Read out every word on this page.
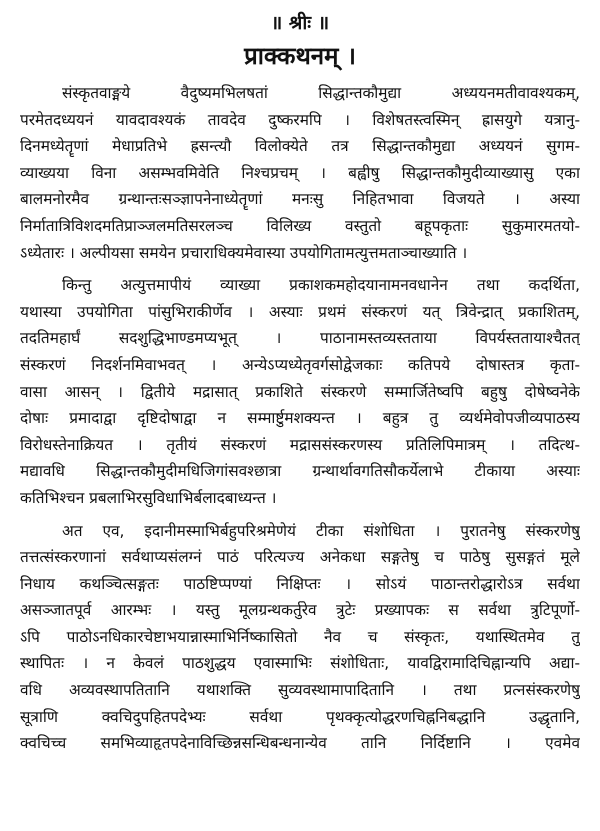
॥ श्रीः ॥

प्राक्कथनम् ।
संस्कृतवाङ्मये वैदुष्यमभिलषतां सिद्धान्तकौमुद्या अध्ययनमतीवावश्यकम्,
परमेतदध्ययनं यावदावश्यकं तावदेव दुष्करमपि । विशेषतस्त्वस्मिन् ह्रासयुगे यत्रानु-
दिनमध्येतॄणां मेधाप्रतिभे ह्रसन्त्यौ विलोक्येते तत्र सिद्धान्तकौमुद्या अध्ययनं सुगम-
व्याख्यया विना असम्भवमिवेति निश्चप्रचम् । बह्वीषु सिद्धान्तकौमुदीव्याख्यासु एका
बालमनोरमैव ग्रन्थान्तःसञ्ज्ञापनेनाध्येतॄणां मनःसु निहितभावा विजयते । अस्या
निर्मातात्रिविशदमतिप्राञ्जलमतिसरलञ्च विलिख्य वस्तुतो बहूपकृताः सुकुमारमतयो-
ऽध्येतारः । अल्पीयसा समयेन प्रचाराधिक्यमेवास्या उपयोगितामत्युत्तमताञ्चाख्याति ।
किन्तु अत्युत्तमापीयं व्याख्या प्रकाशकमहोदयानामनवधानेन तथा कदर्थिता,
यथास्या उपयोगिता पांसुभिराकीर्णेव । अस्याः प्रथमं संस्करणं यत् त्रिवेन्द्रात् प्रकाशितम्,
तदतिमहार्घं सदशुद्धिभाण्डमप्यभूत् । पाठानामस्तव्यस्तताया विपर्यस्ततायाश्चैतत्
संस्करणं निदर्शनमिवाभवत् । अन्येऽप्यध्येतृवर्गसोद्वेजकाः कतिपये दोषास्तत्र कृता-
वासा आसन् । द्वितीये मद्रासात् प्रकाशिते संस्करणे सम्मार्जितेष्वपि बहुषु दोषेष्वनेके
दोषाः प्रमादाद्वा दृष्टिदोषाद्वा न सम्मार्ष्टुमशक्यन्त । बहुत्र तु व्यर्थमेवोपजीव्यपाठस्य
विरोधस्तेनाक्रियत । तृतीयं संस्करणं मद्राससंस्करणस्य प्रतिलिपिमात्रम् । तदित्थ-
मद्यावधि सिद्धान्तकौमुदीमधिजिगांसवश्छात्रा ग्रन्थार्थावगतिसौकर्येलाभे टीकाया अस्याः
कतिभिश्चन प्रबलाभिरसुविधाभिर्बलादबाध्यन्त ।
अत एव, इदानीमस्माभिर्बहुपरिश्रमेणेयं टीका संशोधिता । पुरातनेषु संस्करणेषु
तत्तत्संस्करणानां सर्वथाप्यसंलग्नं पाठं परित्यज्य अनेकधा सङ्गतेषु च पाठेषु सुसङ्गतं मूले
निधाय कथञ्चित्सङ्गतः पाठष्टिप्पण्यां निक्षिप्तः । सोऽयं पाठान्तरोद्धारोऽत्र सर्वथा
असञ्जातपूर्व आरम्भः । यस्तु मूलग्रन्थकर्तुरेव त्रुटेः प्रख्यापकः स सर्वथा त्रुटिपूर्णो-
ऽपि पाठोऽनधिकारचेष्टाभयान्नास्माभिर्निष्कासितो नैव च संस्कृतः, यथास्थितमेव तु
स्थापितः । न केवलं पाठशुद्धय एवास्माभिः संशोधिताः, यावद्विरामादिचिह्नान्यपि अद्या-
वधि अव्यवस्थापतितानि यथाशक्ति सुव्यवस्थामापादितानि । तथा प्रत्नसंस्करणेषु
सूत्राणि क्वचिदुपहितपदेभ्यः सर्वथा पृथक्कृत्योद्धरणचिह्ननिबद्धानि उद्धृतानि,
क्वचिच्च समभिव्याहृतपदेनाविच्छिन्नसन्धिबन्धनान्येव तानि निर्दिष्टानि । एवमेव
